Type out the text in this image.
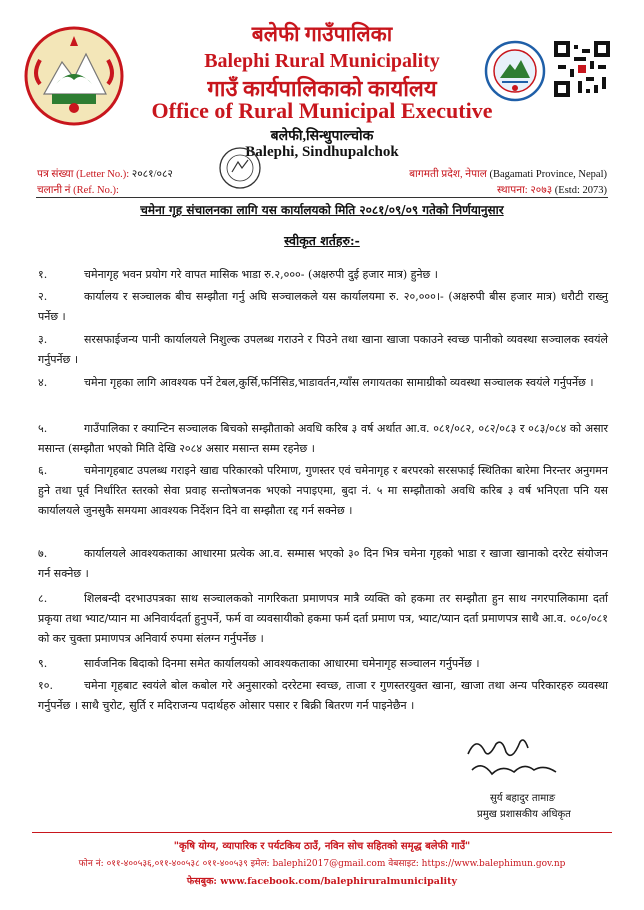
बलेफी गाउँपालिका
Balephi Rural Municipality
गाउँ कार्यपालिकाको कार्यालय
Office of Rural Municipal Executive
बलेफी,सिन्धुपाल्चोक
Balephi, Sindhupalchok
पत्र संख्या (Letter No.): २०८१/०८२
चलानी नं (Ref. No.):
बागमती प्रदेश, नेपाल (Bagamati Province, Nepal)
स्थापना: २०७३ (Estd: 2073)
चमेना गृह संचालनका लागि यस कार्यालयको मिति २०८१/०९/०९ गतेको निर्णयानुसार
स्वीकृत शर्तहरु:-
१.	चमेनागृह भवन प्रयोग गरे वापत मासिक भाडा रु.२,०००- (अक्षरुपी दुई हजार मात्र) हुनेछ ।
२.	कार्यालय र सञ्चालक बीच सम्झौता गर्नु अघि सञ्चालकले यस कार्यालयमा रु. २०,०००।- (अक्षरुपी बीस हजार मात्र) धरौटी राख्नु पर्नेछ ।
३.	सरसफाईजन्य पानी कार्यालयले निशुल्क उपलब्ध गराउने र पिउने तथा खाना खाजा पकाउने स्वच्छ पानीको व्यवस्था सञ्चालक स्वयंले गर्नुपर्नेछ ।
४.	चमेना गृहका लागि आवश्यक पर्ने टेबल,कुर्सि,फर्निसिड,भाडावर्तन,ग्याँस लगायतका सामाग्रीको व्यवस्था सञ्चालक स्वयंले गर्नुपर्नेछ ।
५.	गाउँपालिका र क्यान्टिन सञ्चालक बिचको सम्झौताको अवधि करिब ३ वर्ष अर्थात आ.व. ०८१/०८२, ०८२/०८३ र ०८३/०८४ को असार मसान्त (सम्झौता भएको मिति देखि २०८४ असार मसान्त सम्म रहनेछ ।
६.	चमेनागृहबाट उपलब्ध गराइने खाद्य परिकारको परिमाण, गुणस्तर एवं चमेनागृह र बरपरको सरसफाई स्थितिका बारेमा निरन्तर अनुगमन हुने तथा पूर्व निर्धारित स्तरको सेवा प्रवाह सन्तोषजनक भएको नपाइएमा, बुदा नं. ५ मा सम्झौताको अवधि करिब ३ वर्ष भनिएता पनि यस कार्यालयले जुनसुकै समयमा आवश्यक निर्देशन दिने वा सम्झौता रद्द गर्न सक्नेछ ।
७.	कार्यालयले आवश्यकताका आधारमा प्रत्येक आ.व. सम्मास भएको ३० दिन भित्र चमेना गृहको भाडा र खाजा खानाको दररेट संयोजन गर्न सक्नेछ ।
८.	शिलबन्दी दरभाउपत्रका साथ सञ्चालकको नागरिकता प्रमाणपत्र मात्रै व्यक्ति को हकमा तर सम्झौता हुन साथ नगरपालिकामा दर्ता प्रकृया तथा भ्याट/प्यान मा अनिवार्यदर्ता हुनुपर्ने, फर्म वा व्यवसायीको हकमा फर्म दर्ता प्रमाण पत्र, भ्याट/प्यान दर्ता प्रमाणपत्र साथै आ.व. ०८०/०८१ को कर चुक्ता प्रमाणपत्र अनिवार्य रुपमा संलग्न गर्नुपर्नेछ ।
९.	सार्वजनिक बिदाको दिनमा समेत कार्यालयको आवश्यकताका आधारमा चमेनागृह सञ्चालन गर्नुपर्नेछ ।
१०.	चमेना गृहबाट स्वयंले बोल कबोल गरे अनुसारको दररेटमा स्वच्छ, ताजा र गुणस्तरयुक्त खाना, खाजा तथा अन्य परिकारहरु व्यवस्था गर्नुपर्नेछ । साथै चुरोट, सुर्ति र मदिराजन्य पदार्थहरु ओसार पसार र बिक्री बितरण गर्न पाइनेछैन ।
सुर्य बहादुर तामाङ
प्रमुख प्रशासकीय अधिकृत
"कृषि योग्य, व्यापारिक र पर्यटकिय ठाउँ, नविन सोच सहितको समृद्ध बलेफी गाउँ"
फोन नं: ०११-४००५३६,०११-४००५३८ ०११-४००५३९ इमेल: balephi2017@gmail.com वेबसाइट: https://www.balephimun.gov.np
फेसबुक: www.facebook.com/balephiruralmunicipality
